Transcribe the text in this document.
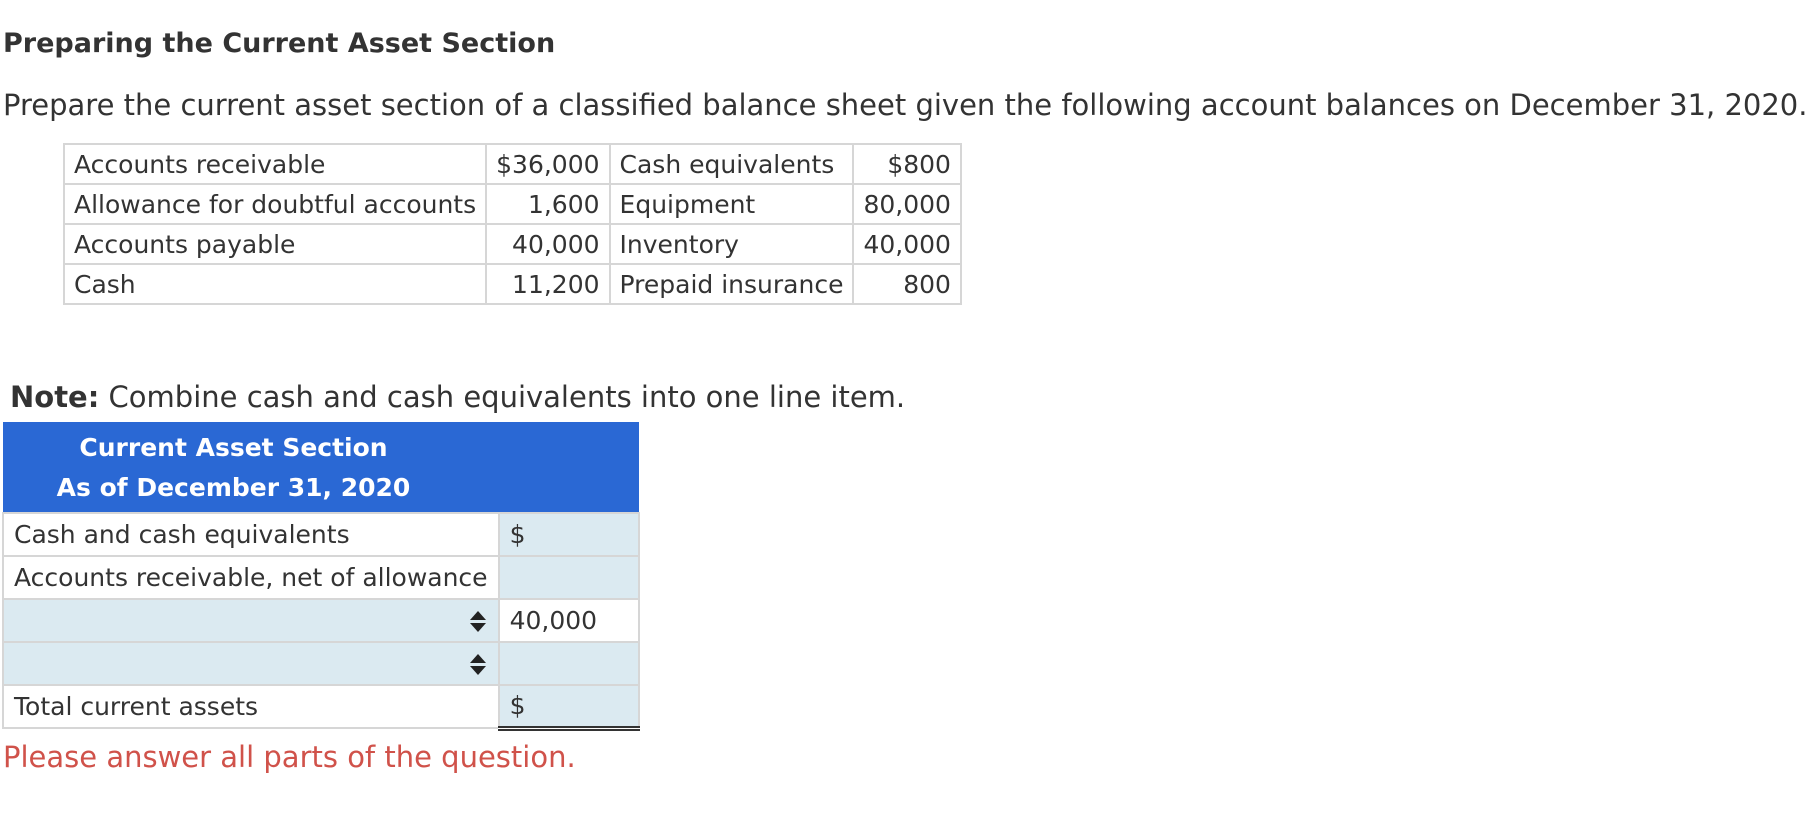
Preparing the Current Asset Section
Prepare the current asset section of a classified balance sheet given the following account balances on December 31, 2020.
Accounts receivable	$36,000	Cash equivalents	$800
Allowance for doubtful accounts	1,600	Equipment	80,000
Accounts payable	40,000	Inventory	40,000
Cash	11,200	Prepaid insurance	800
Note: Combine cash and cash equivalents into one line item.
Current Asset Section	
As of December 31, 2020	
Cash and cash equivalents	$
Accounts receivable, net of allowance	

	40,000

Total current assets	$
Please answer all parts of the question.
